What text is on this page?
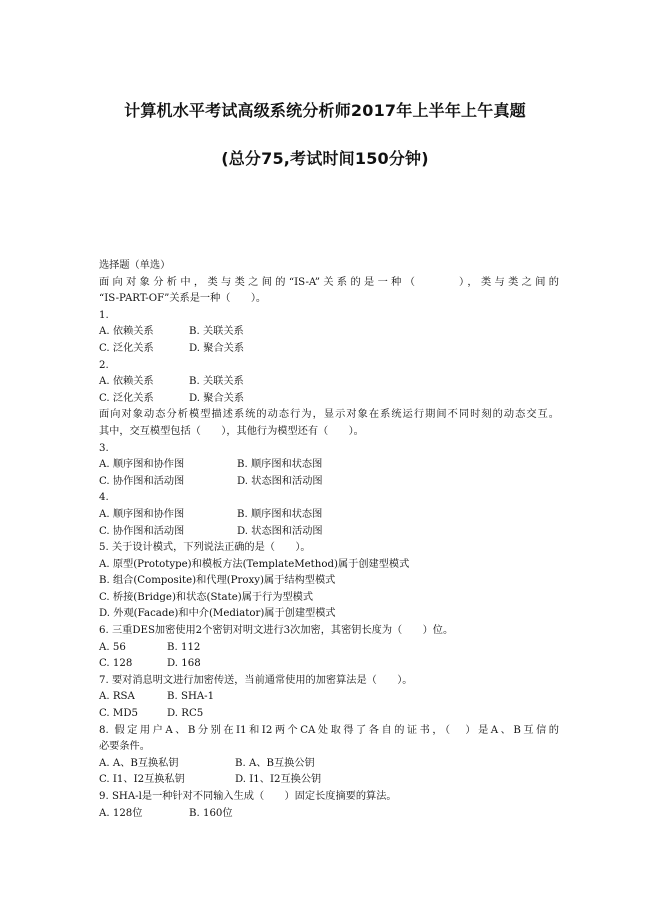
计算机水平考试高级系统分析师2017年上半年上午真题
(总分75,考试时间150分钟)
选择题（单选）
面向对象分析中，类与类之间的“IS-A”关系的是一种（　　　），类与类之间的
“IS-PART-OF”关系是一种（　　）。
1.
A. 依赖关系	B. 关联关系
C. 泛化关系	D. 聚合关系
2.
A. 依赖关系	B. 关联关系
C. 泛化关系	D. 聚合关系
面向对象动态分析模型描述系统的动态行为，显示对象在系统运行期间不同时刻的动态交互。
其中，交互模型包括（　　），其他行为模型还有（　　）。
3.
A. 顺序图和协作图	B. 顺序图和状态图
C. 协作图和活动图	D. 状态图和活动图
4.
A. 顺序图和协作图	B. 顺序图和状态图
C. 协作图和活动图	D. 状态图和活动图
5. 关于设计模式，下列说法正确的是（　　）。
A. 原型(Prototype)和模板方法(TemplateMethod)属于创建型模式
B. 组合(Composite)和代理(Proxy)属于结构型模式
C. 桥接(Bridge)和状态(State)属于行为型模式
D. 外观(Facade)和中介(Mediator)属于创建型模式
6. 三重DES加密使用2个密钥对明文进行3次加密，其密钥长度为（　　）位。
A. 56	B. 112
C. 128	D. 168
7. 要对消息明文进行加密传送，当前通常使用的加密算法是（　　）。
A. RSA	B. SHA-1
C. MD5	D. RC5
8. 假定用户A、B分别在I1和I2两个CA处取得了各自的证书，（　）是A、B互信的
必要条件。
A. A、B互换私钥	B. A、B互换公钥
C. I1、I2互换私钥	D. I1、I2互换公钥
9. SHA-l是一种针对不同输入生成（　　）固定长度摘要的算法。
A. 128位	B. 160位
